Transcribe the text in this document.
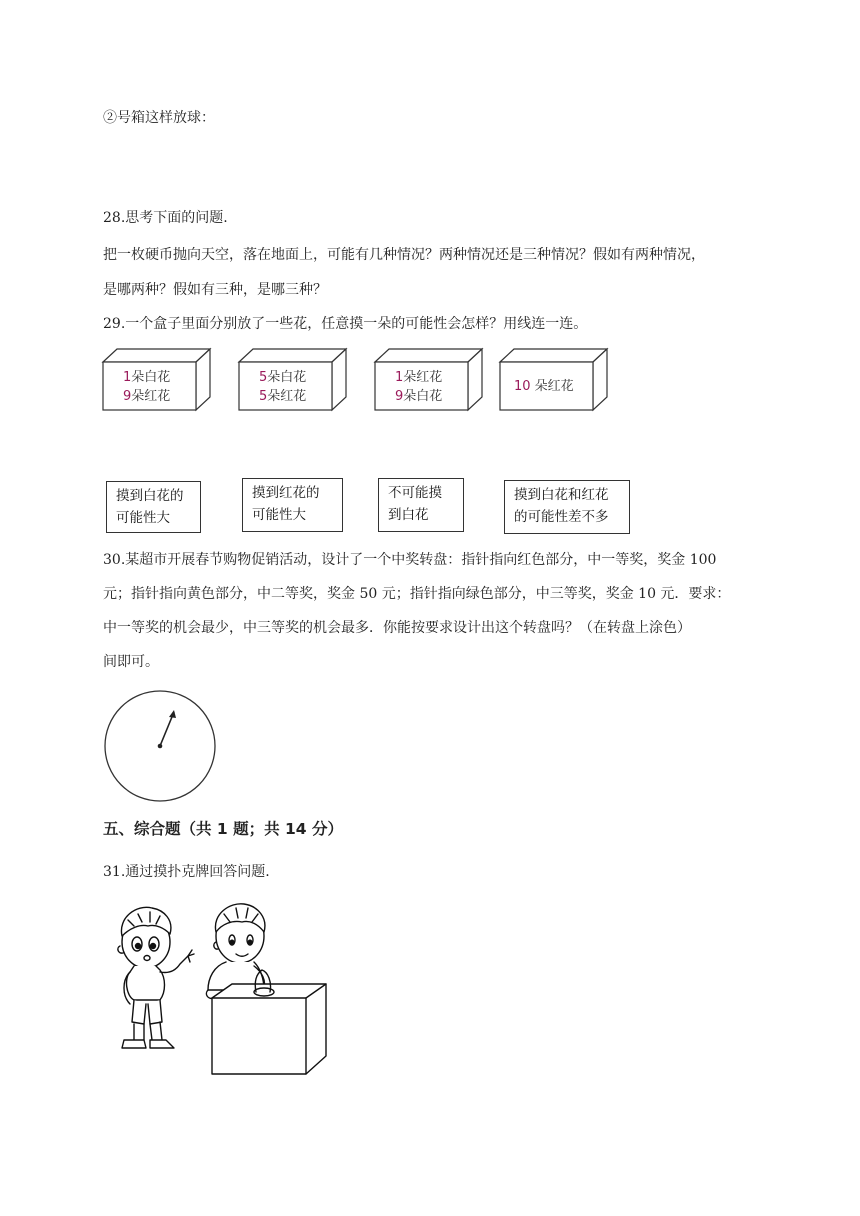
②号箱这样放球：
28.思考下面的问题.
把一枚硬币抛向天空，落在地面上，可能有几种情况？两种情况还是三种情况？假如有两种情况，
是哪两种？假如有三种，是哪三种？
29.一个盒子里面分别放了一些花，任意摸一朵的可能性会怎样？用线连一连。
1朵白花
9朵红花
5朵白花
5朵红花
1朵红花
9朵白花
10 朵红花
摸到白花的
可能性大
摸到红花的
可能性大
不可能摸
到白花
摸到白花和红花
的可能性差不多
30.某超市开展春节购物促销活动，设计了一个中奖转盘：指针指向红色部分，中一等奖，奖金 100
元；指针指向黄色部分，中二等奖，奖金 50 元；指针指向绿色部分，中三等奖，奖金 10 元．要求：
中一等奖的机会最少，中三等奖的机会最多．你能按要求设计出这个转盘吗？（在转盘上涂色）
间即可。
五、综合题（共 1 题；共 14 分）
31.通过摸扑克牌回答问题.
